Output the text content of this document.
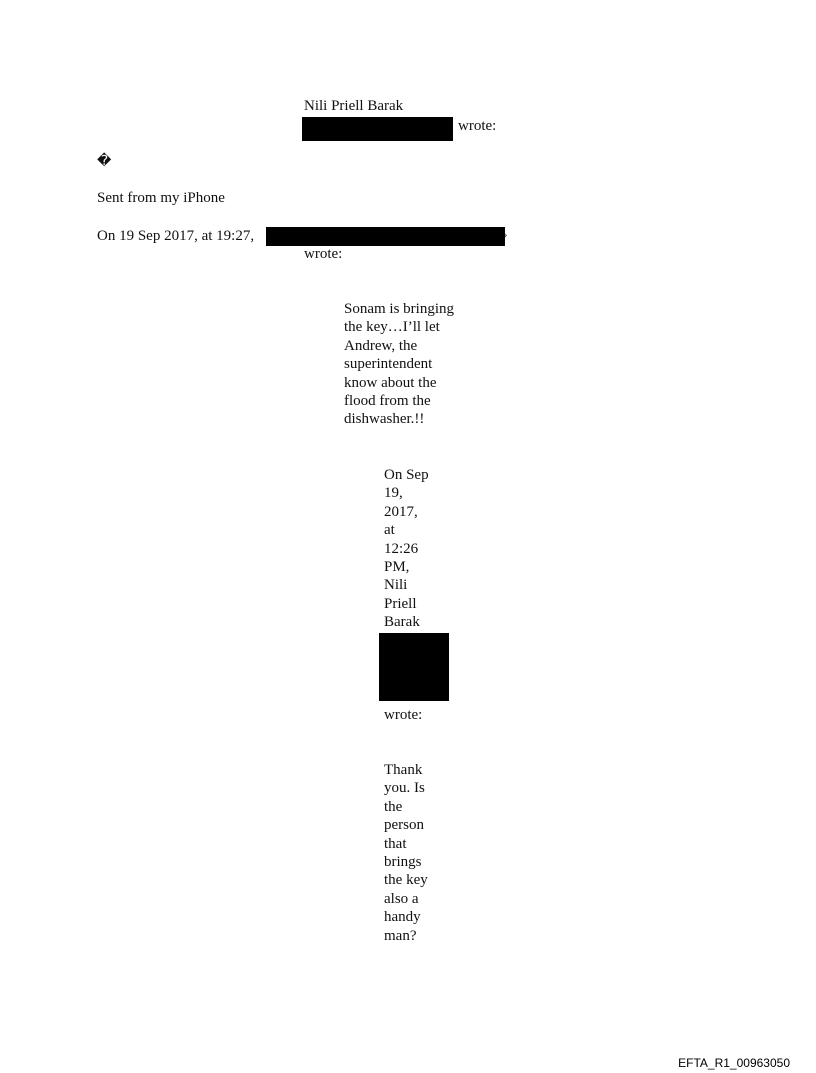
Nili Priell Barak
wrote:
�
Sent from my iPhone
On 19 Sep 2017, at 19:27,	›
wrote:
Sonam is bringing
the key…I’ll let
Andrew, the
superintendent
know about the
flood from the
dishwasher.!!
On Sep
19,
2017,
at
12:26
PM,
Nili
Priell
Barak
wrote:
Thank
you. Is
the
person
that
brings
the key
also a
handy
man?
EFTA_R1_00963050
